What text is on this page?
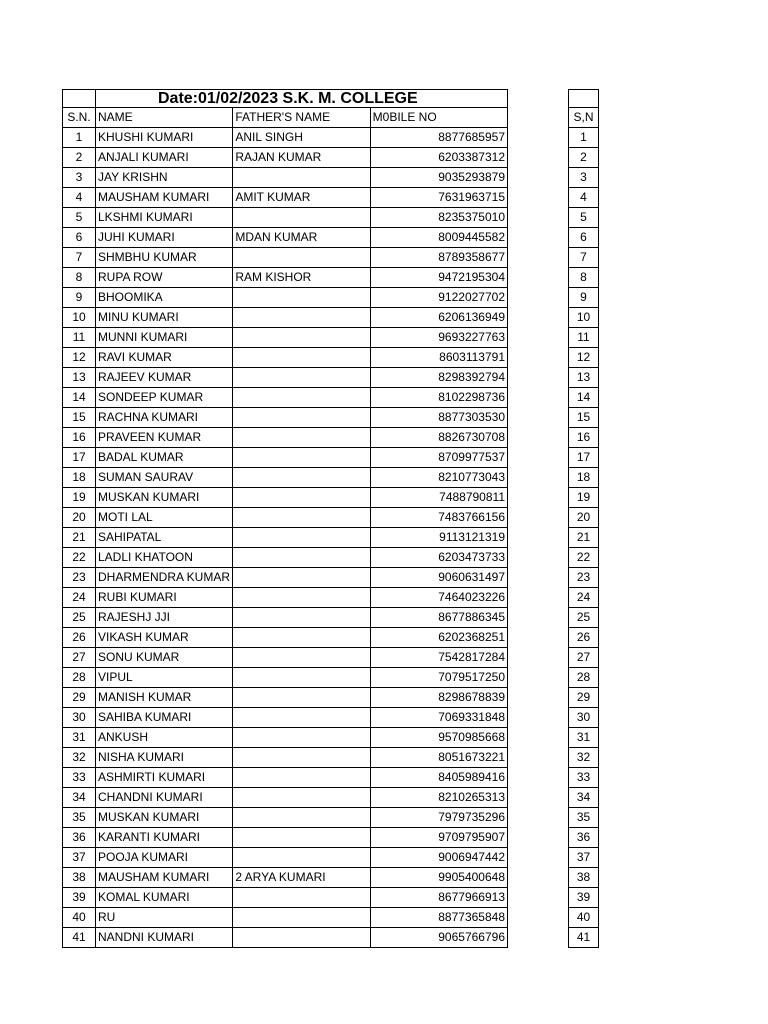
	Date:01/02/2023 S.K. M. COLLEGE		
S.N.	NAME	FATHER'S NAME	M0BILE NO
1	KHUSHI KUMARI	ANIL SINGH	8877685957
2	ANJALI KUMARI	RAJAN KUMAR	6203387312
3	JAY KRISHN		9035293879
4	MAUSHAM KUMARI	AMIT KUMAR	7631963715
5	LKSHMI KUMARI		8235375010
6	JUHI KUMARI	MDAN KUMAR	8009445582
7	SHMBHU KUMAR		8789358677
8	RUPA ROW	RAM KISHOR	9472195304
9	BHOOMIKA		9122027702
10	MINU KUMARI		6206136949
11	MUNNI KUMARI		9693227763
12	RAVI KUMAR		8603113791
13	RAJEEV KUMAR		8298392794
14	SONDEEP KUMAR		8102298736
15	RACHNA KUMARI		8877303530
16	PRAVEEN KUMAR		8826730708
17	BADAL KUMAR		8709977537
18	SUMAN SAURAV		8210773043
19	MUSKAN KUMARI		7488790811
20	MOTI LAL		7483766156
21	SAHIPATAL		9113121319
22	LADLI KHATOON		6203473733
23	DHARMENDRA KUMAR		9060631497
24	RUBI KUMARI		7464023226
25	RAJESHJ JJI		8677886345
26	VIKASH KUMAR		6202368251
27	SONU KUMAR		7542817284
28	VIPUL		7079517250
29	MANISH KUMAR		8298678839
30	SAHIBA KUMARI		7069331848
31	ANKUSH		9570985668
32	NISHA KUMARI		8051673221
33	ASHMIRTI KUMARI		8405989416
34	CHANDNI KUMARI		8210265313
35	MUSKAN KUMARI		7979735296
36	KARANTI KUMARI		9709795907
37	POOJA KUMARI		9006947442
38	MAUSHAM KUMARI	2 ARYA KUMARI	9905400648
39	KOMAL KUMARI		8677966913
40	RU		8877365848
41	NANDNI KUMARI		9065766796

S,N
1
2
3
4
5
6
7
8
9
10
11
12
13
14
15
16
17
18
19
20
21
22
23
24
25
26
27
28
29
30
31
32
33
34
35
36
37
38
39
40
41
